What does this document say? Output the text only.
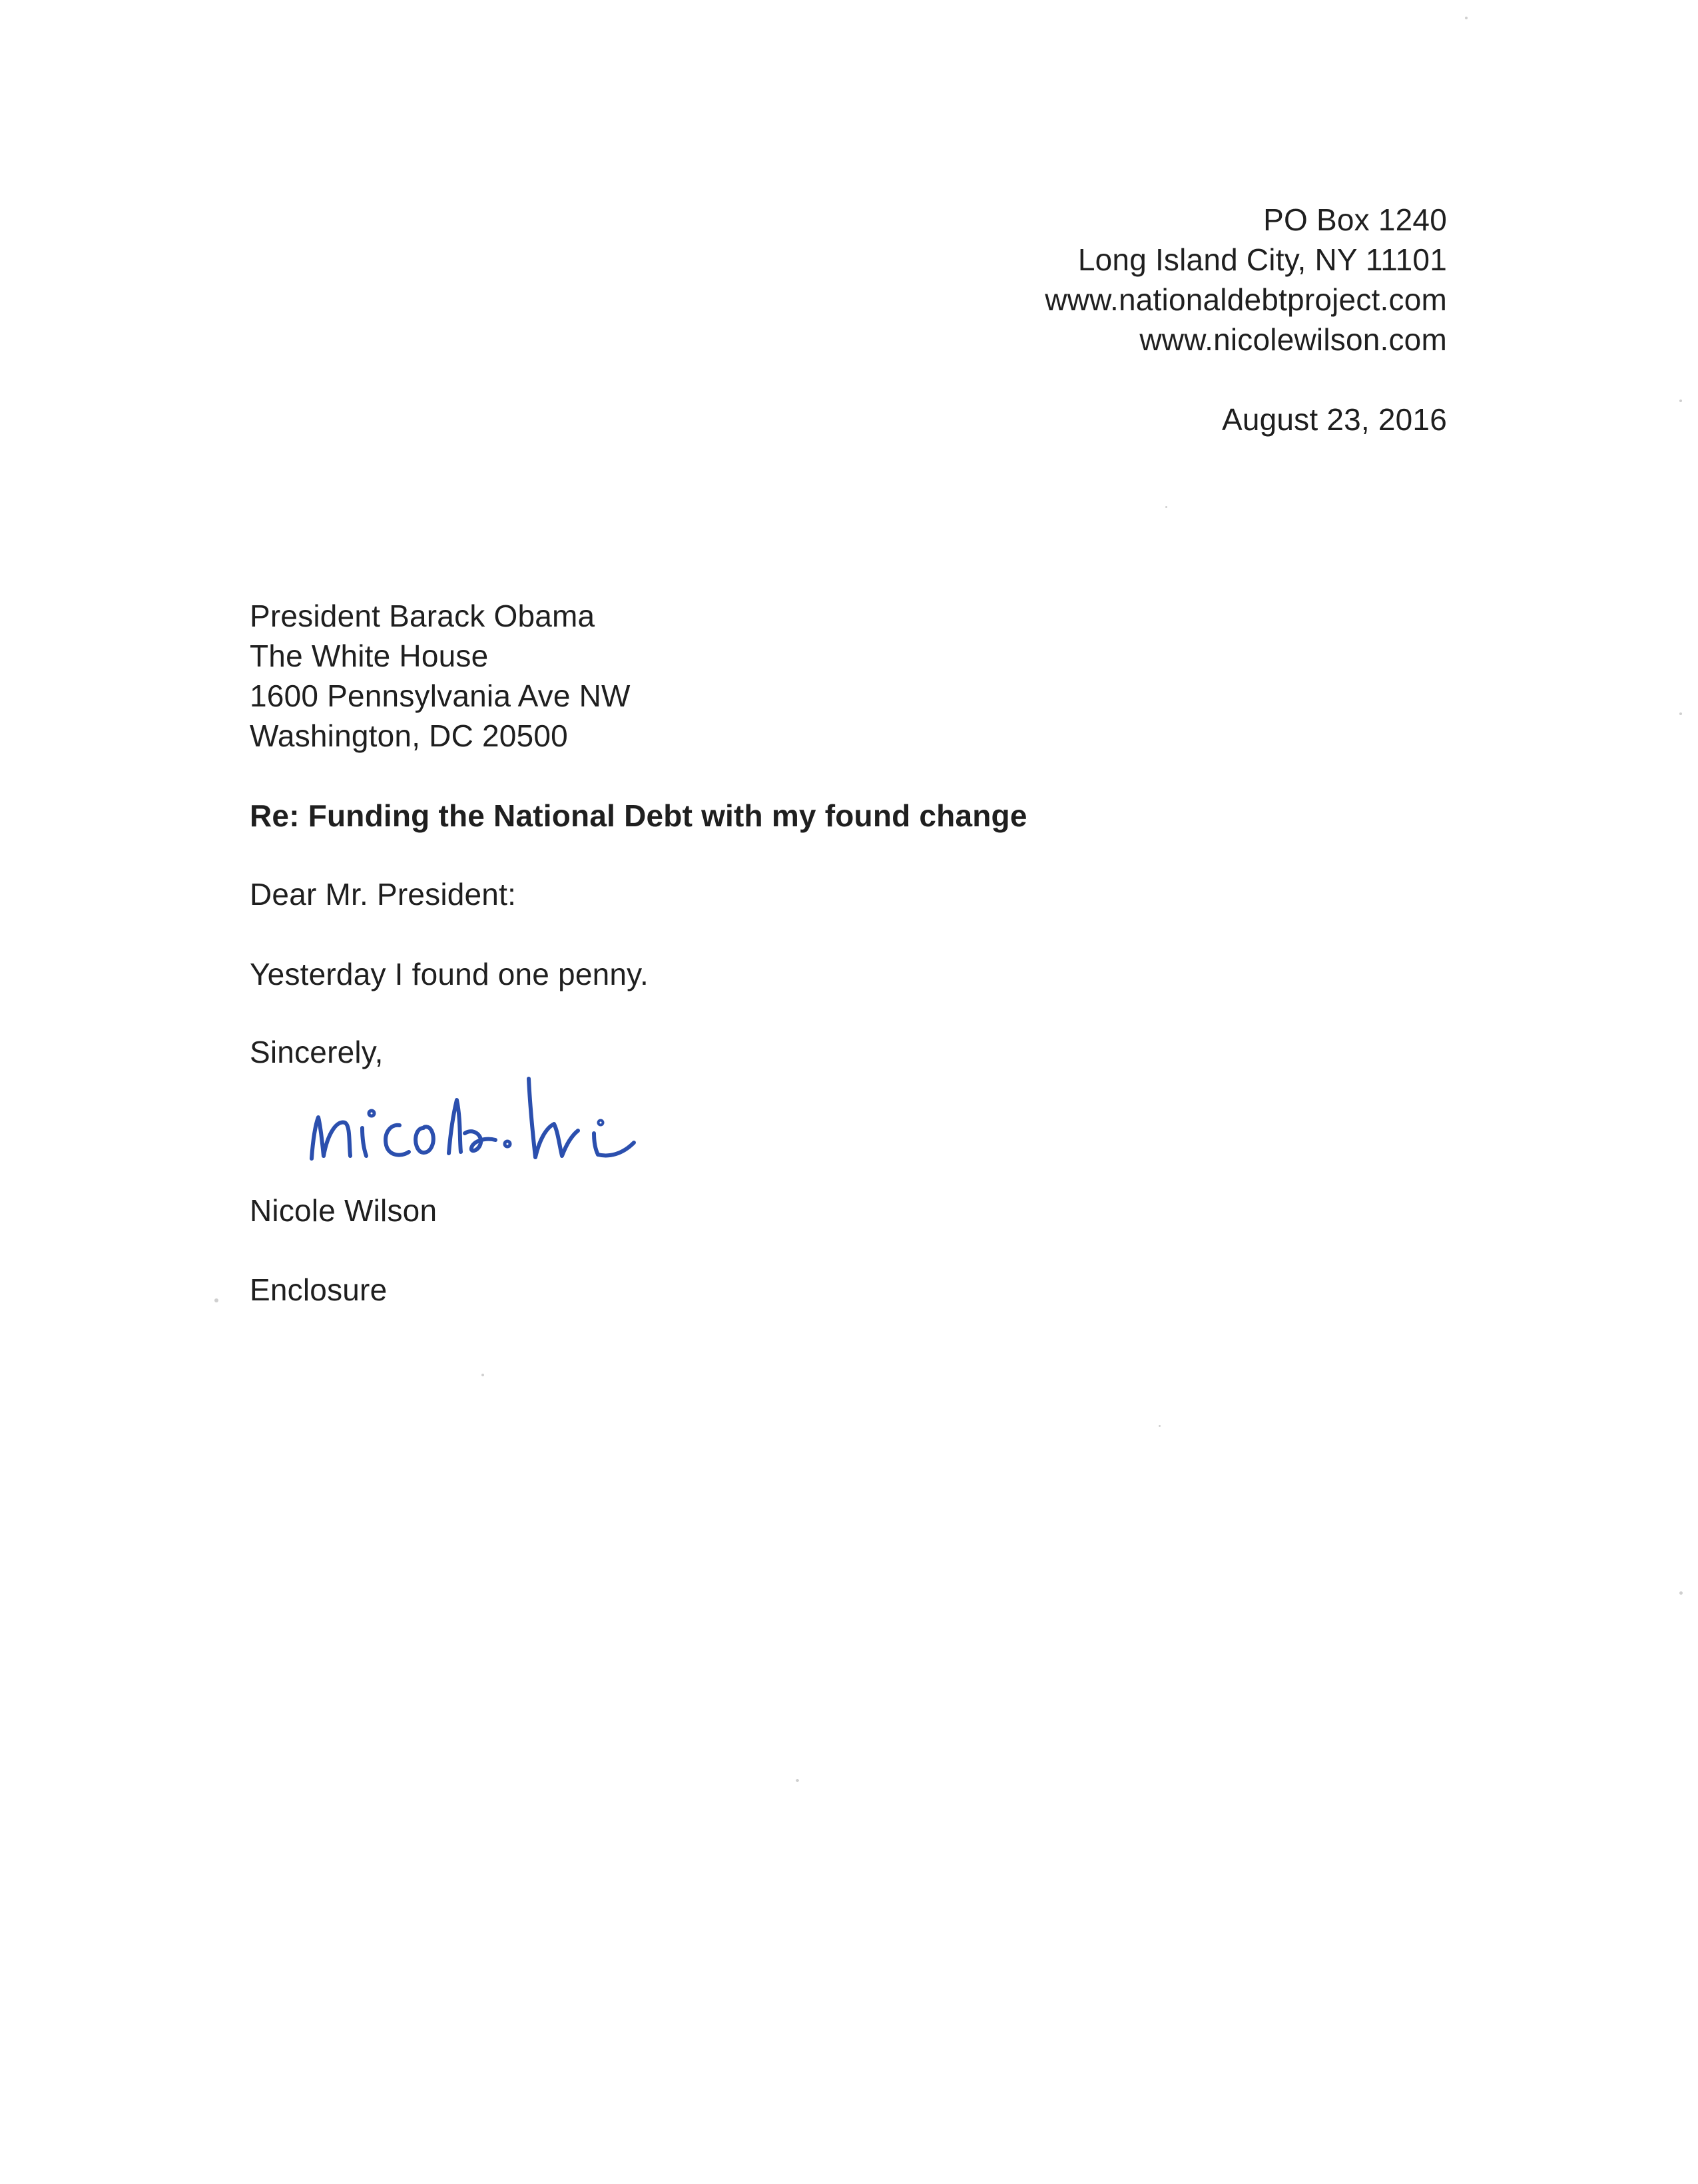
PO Box 1240
Long Island City, NY 11101
www.nationaldebtproject.com
www.nicolewilson.com
August 23, 2016
President Barack Obama
The White House
1600 Pennsylvania Ave NW
Washington, DC 20500
Re: Funding the National Debt with my found change
Dear Mr. President:
Yesterday I found one penny.
Sincerely,
Nicole Wilson
Enclosure
